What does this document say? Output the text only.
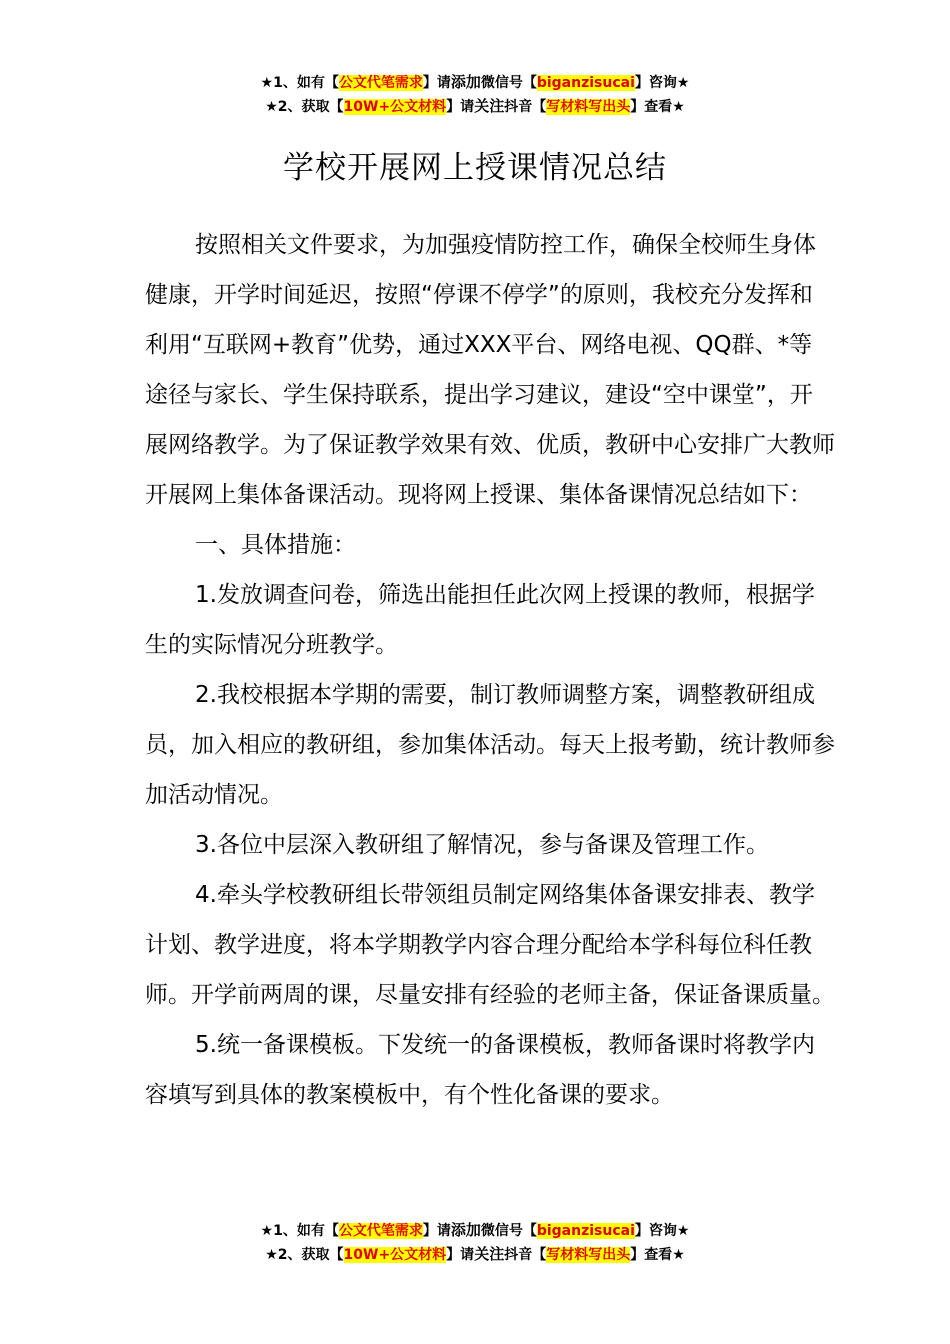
★1、如有【公文代笔需求】请添加微信号【biganzisucai】咨询★
★2、获取【10W+公文材料】请关注抖音【写材料写出头】查看★
学校开展网上授课情况总结

按照相关文件要求，为加强疫情防控工作，确保全校师生身体健康，开学时间延迟，按照“停课不停学”的原则，我校充分发挥和利用“互联网+教育”优势，通过XXX平台、网络电视、QQ群、*等途径与家长、学生保持联系，提出学习建议，建设“空中课堂”，开展网络教学。为了保证教学效果有效、优质，教研中心安排广大教师开展网上集体备课活动。现将网上授课、集体备课情况总结如下：

一、具体措施：

1.发放调查问卷，筛选出能担任此次网上授课的教师，根据学生的实际情况分班教学。

2.我校根据本学期的需要，制订教师调整方案，调整教研组成员，加入相应的教研组，参加集体活动。每天上报考勤，统计教师参加活动情况。

3.各位中层深入教研组了解情况，参与备课及管理工作。

4.牵头学校教研组长带领组员制定网络集体备课安排表、教学计划、教学进度，将本学期教学内容合理分配给本学科每位科任教师。开学前两周的课，尽量安排有经验的老师主备，保证备课质量。

5.统一备课模板。下发统一的备课模板，教师备课时将教学内容填写到具体的教案模板中，有个性化备课的要求。

★1、如有【公文代笔需求】请添加微信号【biganzisucai】咨询★
★2、获取【10W+公文材料】请关注抖音【写材料写出头】查看★
